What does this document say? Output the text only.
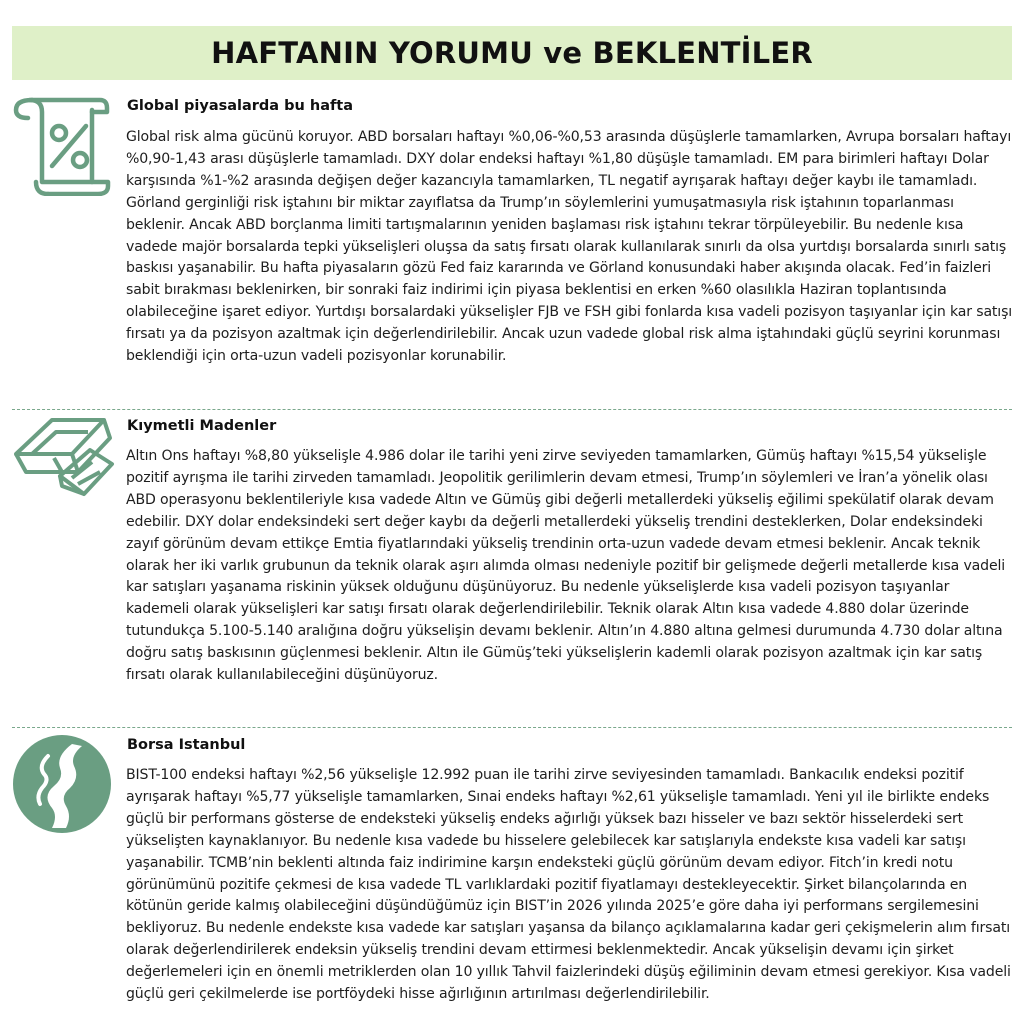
HAFTANIN YORUMU ve BEKLENTİLER
Global piyasalarda bu hafta

Global risk alma gücünü koruyor. ABD borsaları haftayı %0,06-%0,53 arasında düşüşlerle tamamlarken, Avrupa borsaları haftayı %0,90-1,43 arası düşüşlerle tamamladı. DXY dolar endeksi haftayı %1,80 düşüşle tamamladı. EM para birimleri haftayı Dolar karşısında %1-%2 arasında değişen değer kazancıyla tamamlarken, TL negatif ayrışarak haftayı değer kaybı ile tamamladı. Görland gerginliği risk iştahını bir miktar zayıflatsa da Trump’ın söylemlerini yumuşatmasıyla risk iştahının toparlanması beklenir. Ancak ABD borçlanma limiti tartışmalarının yeniden başlaması risk iştahını tekrar törpüleyebilir. Bu nedenle kısa vadede majör borsalarda tepki yükselişleri oluşsa da satış fırsatı olarak kullanılarak sınırlı da olsa yurtdışı borsalarda sınırlı satış baskısı yaşanabilir. Bu hafta piyasaların gözü Fed faiz kararında ve Görland konusundaki haber akışında olacak. Fed’in faizleri sabit bırakması beklenirken, bir sonraki faiz indirimi için piyasa beklentisi en erken %60 olasılıkla Haziran toplantısında olabileceğine işaret ediyor. Yurtdışı borsalardaki yükselişler FJB ve FSH gibi fonlarda kısa vadeli pozisyon taşıyanlar için kar satışı fırsatı ya da pozisyon azaltmak için değerlendirilebilir. Ancak uzun vadede global risk alma iştahındaki güçlü seyrini korunması beklendiği için orta-uzun vadeli pozisyonlar korunabilir.

Kıymetli Madenler

Altın Ons haftayı %8,80 yükselişle 4.986 dolar ile tarihi yeni zirve seviyeden tamamlarken, Gümüş haftayı %15,54 yükselişle pozitif ayrışma ile tarihi zirveden tamamladı. Jeopolitik gerilimlerin devam etmesi, Trump’ın söylemleri ve İran’a yönelik olası ABD operasyonu beklentileriyle kısa vadede Altın ve Gümüş gibi değerli metallerdeki yükseliş eğilimi spekülatif olarak devam edebilir. DXY dolar endeksindeki sert değer kaybı da değerli metallerdeki yükseliş trendini desteklerken, Dolar endeksindeki zayıf görünüm devam ettikçe Emtia fiyatlarındaki yükseliş trendinin orta-uzun vadede devam etmesi beklenir. Ancak teknik olarak her iki varlık grubunun da teknik olarak aşırı alımda olması nedeniyle pozitif bir gelişmede değerli metallerde kısa vadeli kar satışları yaşanama riskinin yüksek olduğunu düşünüyoruz. Bu nedenle yükselişlerde kısa vadeli pozisyon taşıyanlar kademeli olarak yükselişleri kar satışı fırsatı olarak değerlendirilebilir. Teknik olarak Altın kısa vadede 4.880 dolar üzerinde tutundukça 5.100-5.140 aralığına doğru yükselişin devamı beklenir. Altın’ın 4.880 altına gelmesi durumunda 4.730 dolar altına doğru satış baskısının güçlenmesi beklenir. Altın ile Gümüş’teki yükselişlerin kademli olarak pozisyon azaltmak için kar satış fırsatı olarak kullanılabileceğini düşünüyoruz.

Borsa Istanbul

BIST-100 endeksi haftayı %2,56 yükselişle 12.992 puan ile tarihi zirve seviyesinden tamamladı. Bankacılık endeksi pozitif ayrışarak haftayı %5,77 yükselişle tamamlarken, Sınai endeks haftayı %2,61 yükselişle tamamladı. Yeni yıl ile birlikte endeks güçlü bir performans gösterse de endeksteki yükseliş endeks ağırlığı yüksek bazı hisseler ve bazı sektör hisselerdeki sert yükselişten kaynaklanıyor. Bu nedenle kısa vadede bu hisselere gelebilecek kar satışlarıyla endekste kısa vadeli kar satışı yaşanabilir. TCMB’nin beklenti altında faiz indirimine karşın endeksteki güçlü görünüm devam ediyor. Fitch’in kredi notu görünümünü pozitife çekmesi de kısa vadede TL varlıklardaki pozitif fiyatlamayı destekleyecektir. Şirket bilançolarında en kötünün geride kalmış olabileceğini düşündüğümüz için BIST’in 2026 yılında 2025’e göre daha iyi performans sergilemesini bekliyoruz. Bu nedenle endekste kısa vadede kar satışları yaşansa da bilanço açıklamalarına kadar geri çekişmelerin alım fırsatı olarak değerlendirilerek endeksin yükseliş trendini devam ettirmesi beklenmektedir. Ancak yükselişin devamı için şirket değerlemeleri için en önemli metriklerden olan 10 yıllık Tahvil faizlerindeki düşüş eğiliminin devam etmesi gerekiyor. Kısa vadeli güçlü geri çekilmelerde ise portföydeki hisse ağırlığının artırılması değerlendirilebilir.
